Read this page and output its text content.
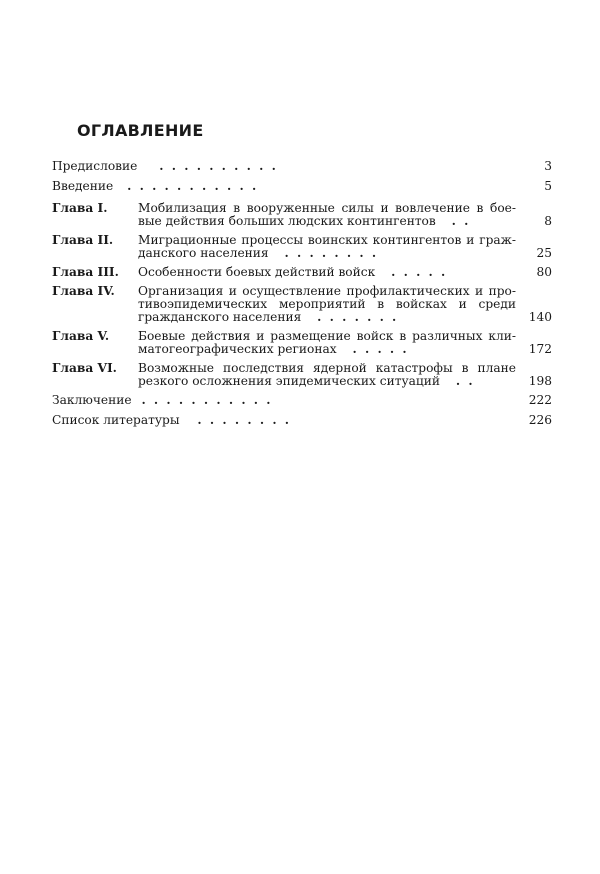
ОГЛАВЛЕНИЕ
Предисловие . . . . . . . . . .	3
Введение . . . . . . . . . . .	5
Глава I.	Мобилизация в вооруженные силы и вовлечение в бое-
вые действия больших людских контингентов . .	8
Глава II. Миграционные процессы воинских контингентов и граж-
данского населения . . . . . . . .	25
Глава III. Особенности боевых действий войск . . . . .	80
Глава IV. Организация и осуществление профилактических и про-
тивоэпидемических мероприятий в войсках и среди
гражданского населения . . . . . . .	140
Глава V. Боевые действия и размещение войск в различных кли-
матогеографических регионах . . . . .	172
Глава VI. Возможные последствия ядерной катастрофы в плане
резкого осложнения эпидемических ситуаций . .	198
Заключение . . . . . . . . . . .	222
Список литературы . . . . . . . .	226
